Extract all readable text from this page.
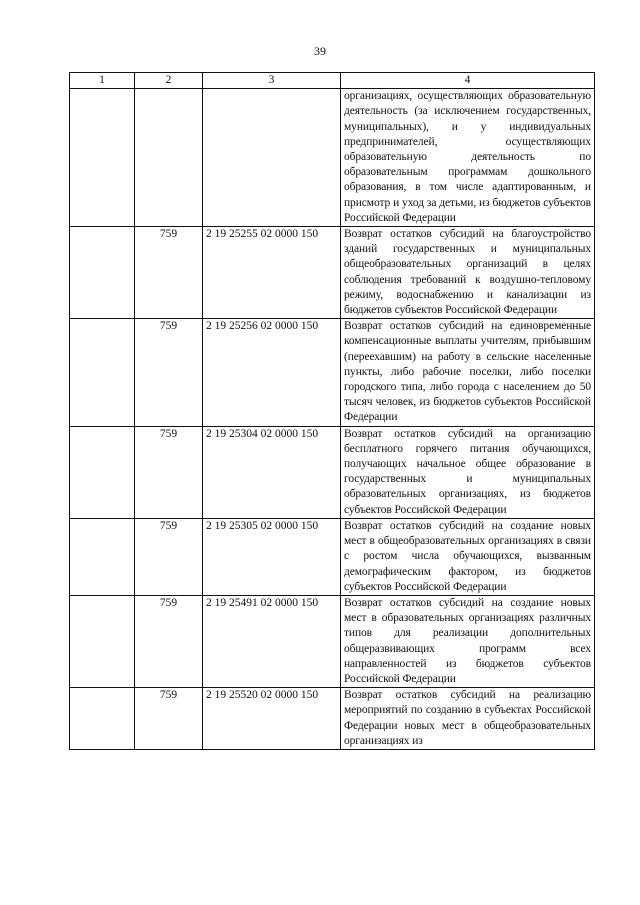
39
1	2	3	4
			организациях, осуществляющих образовательную деятельность (за исключением государственных, муниципальных), и у индивидуальных предпринимателей, осуществляющих образовательную деятельность по образовательным программам дошкольного образования, в том числе адаптированным, и присмотр и уход за детьми, из бюджетов субъектов Российской Федерации
	759	2 19 25255 02 0000 150	Возврат остатков субсидий на благоустройство зданий государственных и муниципальных общеобразовательных организаций в целях соблюдения требований к воздушно-тепловому режиму, водоснабжению и канализации из бюджетов субъектов Российской Федерации
	759	2 19 25256 02 0000 150	Возврат остатков субсидий на единовременные компенсационные выплаты учителям, прибывшим (переехавшим) на работу в сельские населенные пункты, либо рабочие поселки, либо поселки городского типа, либо города с населением до 50 тысяч человек, из бюджетов субъектов Российской Федерации
	759	2 19 25304 02 0000 150	Возврат остатков субсидий на организацию бесплатного горячего питания обучающихся, получающих начальное общее образование в государственных и муниципальных образовательных организациях, из бюджетов субъектов Российской Федерации
	759	2 19 25305 02 0000 150	Возврат остатков субсидий на создание новых мест в общеобразовательных организациях в связи с ростом числа обучающихся, вызванным демографическим фактором, из бюджетов субъектов Российской Федерации
	759	2 19 25491 02 0000 150	Возврат остатков субсидий на создание новых мест в образовательных организациях различных типов для реализации дополнительных общеразвивающих программ всех направленностей из бюджетов субъектов Российской Федерации
	759	2 19 25520 02 0000 150	Возврат остатков субсидий на реализацию мероприятий по созданию в субъектах Российской Федерации новых мест в общеобразовательных организациях из
